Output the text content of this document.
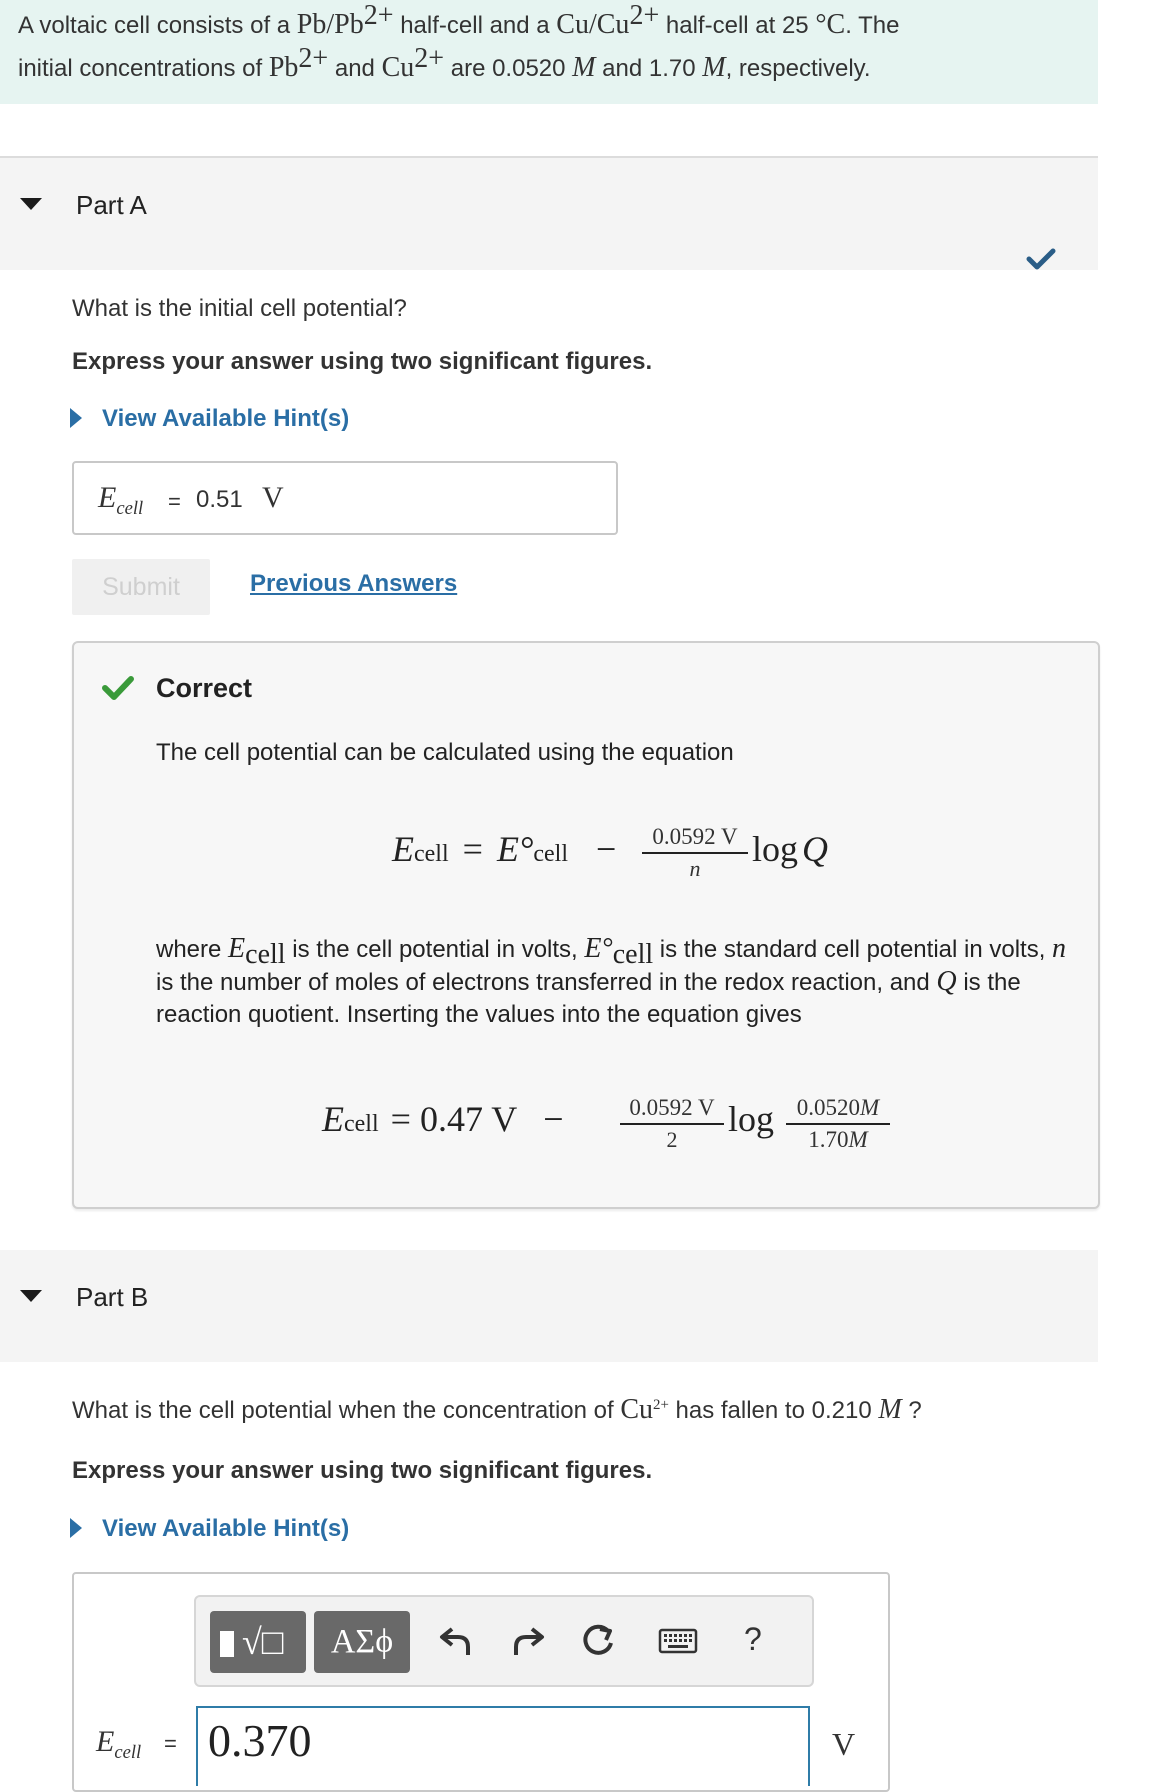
A voltaic cell consists of a $Pb/Pb^{2+}$ half-cell and a $Cu/Cu^{2+}$ half-cell at 25 °C. The
initial concentrations of $Pb^{2+}$ and $Cu^{2+}$ are 0.0520 M and 1.70 M, respectively.
Part A
What is the initial cell potential?
Express your answer using two significant figures.
View Available Hint(s)
$E_{cell} = 0.51$ V
Submit	Previous Answers
Correct
The cell potential can be calculated using the equation
Ecell = E°cell −	0.0592 V
n	log Q
where $E_{cell}$ is the cell potential in volts, $E^\circ_{cell}$ is the standard cell potential in volts, n is the number of moles of electrons transferred in the redox reaction, and Q is the reaction quotient. Inserting the values into the equation gives
Ecell = 0.47 V −	0.0592 V
2
log 0.0520M
1.70M
Part B
What is the cell potential when the concentration of $Cu^{2+}$ has fallen to 0.210 M ?
Express your answer using two significant figures.
View Available Hint(s)
√□	ΑΣϕ	?
$E_{cell} = 0.370$	V
